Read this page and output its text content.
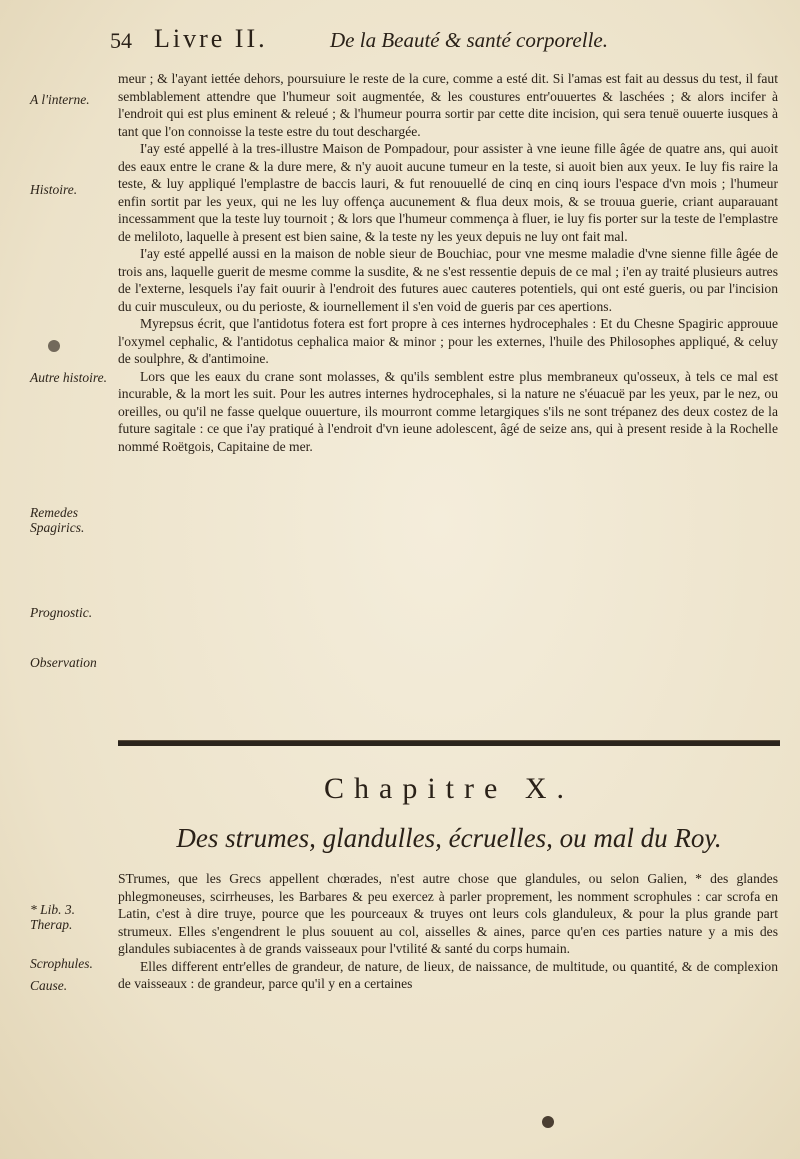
54 Livre II.	De la Beauté & santé corporelle.
A l'interne.
Histoire.
Autre histoire.
Remedes Spagirics.
Prognostic.
Observation
* Lib. 3. Therap.
Scrophules.
Cause.

meur ; & l'ayant iettée dehors, poursuiure le reste de la cure, comme a esté dit. Si l'amas est fait au dessus du test, il faut semblablement attendre que l'humeur soit augmentée, & les coustures entr'ouuertes & laschées ; & alors incifer à l'endroit qui est plus eminent & releué ; & l'humeur pourra sortir par cette dite incision, qui sera tenuë ouuerte iusques à tant que l'on connoisse la teste estre du tout deschargée.

I'ay esté appellé à la tres-illustre Maison de Pompadour, pour assister à vne ieune fille âgée de quatre ans, qui auoit des eaux entre le crane & la dure mere, & n'y auoit aucune tumeur en la teste, si auoit bien aux yeux. Ie luy fis raire la teste, & luy appliqué l'emplastre de baccis lauri, & fut renouuellé de cinq en cinq iours l'espace d'vn mois ; l'humeur enfin sortit par les yeux, qui ne les luy offença aucunement & flua deux mois, & se trouua guerie, criant auparauant incessamment que la teste luy tournoit ; & lors que l'humeur commença à fluer, ie luy fis porter sur la teste de l'emplastre de meliloto, laquelle à present est bien saine, & la teste ny les yeux depuis ne luy ont fait mal.

I'ay esté appellé aussi en la maison de noble sieur de Bouchiac, pour vne mesme maladie d'vne sienne fille âgée de trois ans, laquelle guerit de mesme comme la susdite, & ne s'est ressentie depuis de ce mal ; i'en ay traité plusieurs autres de l'externe, lesquels i'ay fait ouurir à l'endroit des futures auec cauteres potentiels, qui ont esté gueris, ou par l'incision du cuir musculeux, ou du perioste, & iournellement il s'en void de gueris par ces apertions.

Myrepsus écrit, que l'antidotus fotera est fort propre à ces internes hydrocephales : Et du Chesne Spagiric approuue l'oxymel cephalic, & l'antidotus cephalica maior & minor ; pour les externes, l'huile des Philosophes appliqué, & celuy de soulphre, & d'antimoine.

Lors que les eaux du crane sont molasses, & qu'ils semblent estre plus membraneux qu'osseux, à tels ce mal est incurable, & la mort les suit. Pour les autres internes hydrocephales, si la nature ne s'éuacuë par les yeux, par le nez, ou oreilles, ou qu'il ne fasse quelque ouuerture, ils mourront comme letargiques s'ils ne sont trépanez des deux costez de la future sagitale : ce que i'ay pratiqué à l'endroit d'vn ieune adolescent, âgé de seize ans, qui à present reside à la Rochelle nommé Roëtgois, Capitaine de mer.

Chapitre X.
Des strumes, glandulles, écruelles, ou mal du Roy.

STrumes, que les Grecs appellent chœrades, n'est autre chose que glandules, ou selon Galien, * des glandes phlegmoneuses, scirrheuses, les Barbares & peu exercez à parler proprement, les nomment scrophules : car scrofa en Latin, c'est à dire truye, pource que les pourceaux & truyes ont leurs cols glanduleux, & pour la plus grande part strumeux. Elles s'engendrent le plus souuent au col, aisselles & aines, parce qu'en ces parties nature y a mis des glandules subiacentes à de grands vaisseaux pour l'vtilité & santé du corps humain.

Elles different entr'elles de grandeur, de nature, de lieux, de naissance, de multitude, ou quantité, & de complexion de vaisseaux : de grandeur, parce qu'il y en a certaines
